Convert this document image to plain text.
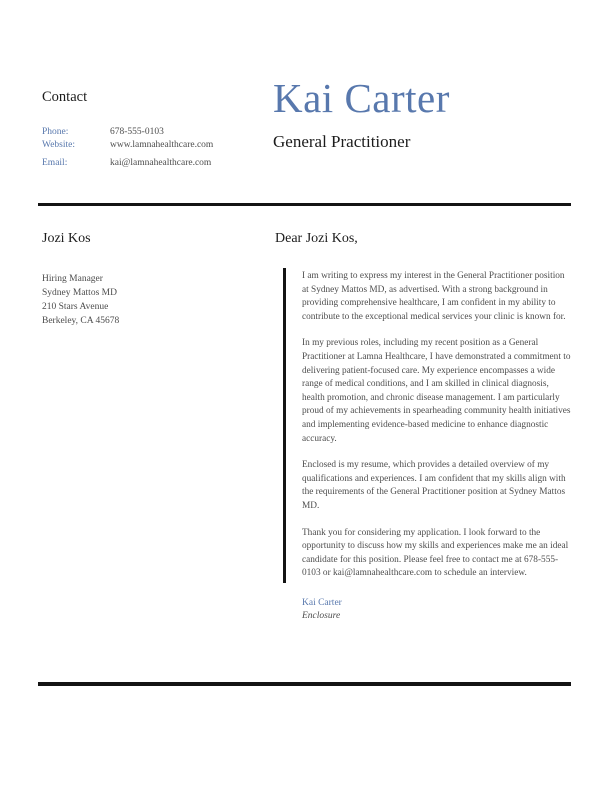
Contact
Phone:	678-555-0103
Website:	www.lamnahealthcare.com
Email:	kai@lamnahealthcare.com
Kai Carter
General Practitioner
Jozi Kos
Hiring Manager
Sydney Mattos MD
210 Stars Avenue
Berkeley, CA 45678
Dear Jozi Kos,

I am writing to express my interest in the General Practitioner position at Sydney Mattos MD, as advertised. With a strong background in providing comprehensive healthcare, I am confident in my ability to contribute to the exceptional medical services your clinic is known for.

In my previous roles, including my recent position as a General Practitioner at Lamna Healthcare, I have demonstrated a commitment to delivering patient-focused care. My experience encompasses a wide range of medical conditions, and I am skilled in clinical diagnosis, health promotion, and chronic disease management. I am particularly proud of my achievements in spearheading community health initiatives and implementing evidence-based medicine to enhance diagnostic accuracy.

Enclosed is my resume, which provides a detailed overview of my qualifications and experiences. I am confident that my skills align with the requirements of the General Practitioner position at Sydney Mattos MD.

Thank you for considering my application. I look forward to the opportunity to discuss how my skills and experiences make me an ideal candidate for this position. Please feel free to contact me at 678-555-0103 or kai@lamnahealthcare.com to schedule an interview.

Kai Carter
Enclosure
